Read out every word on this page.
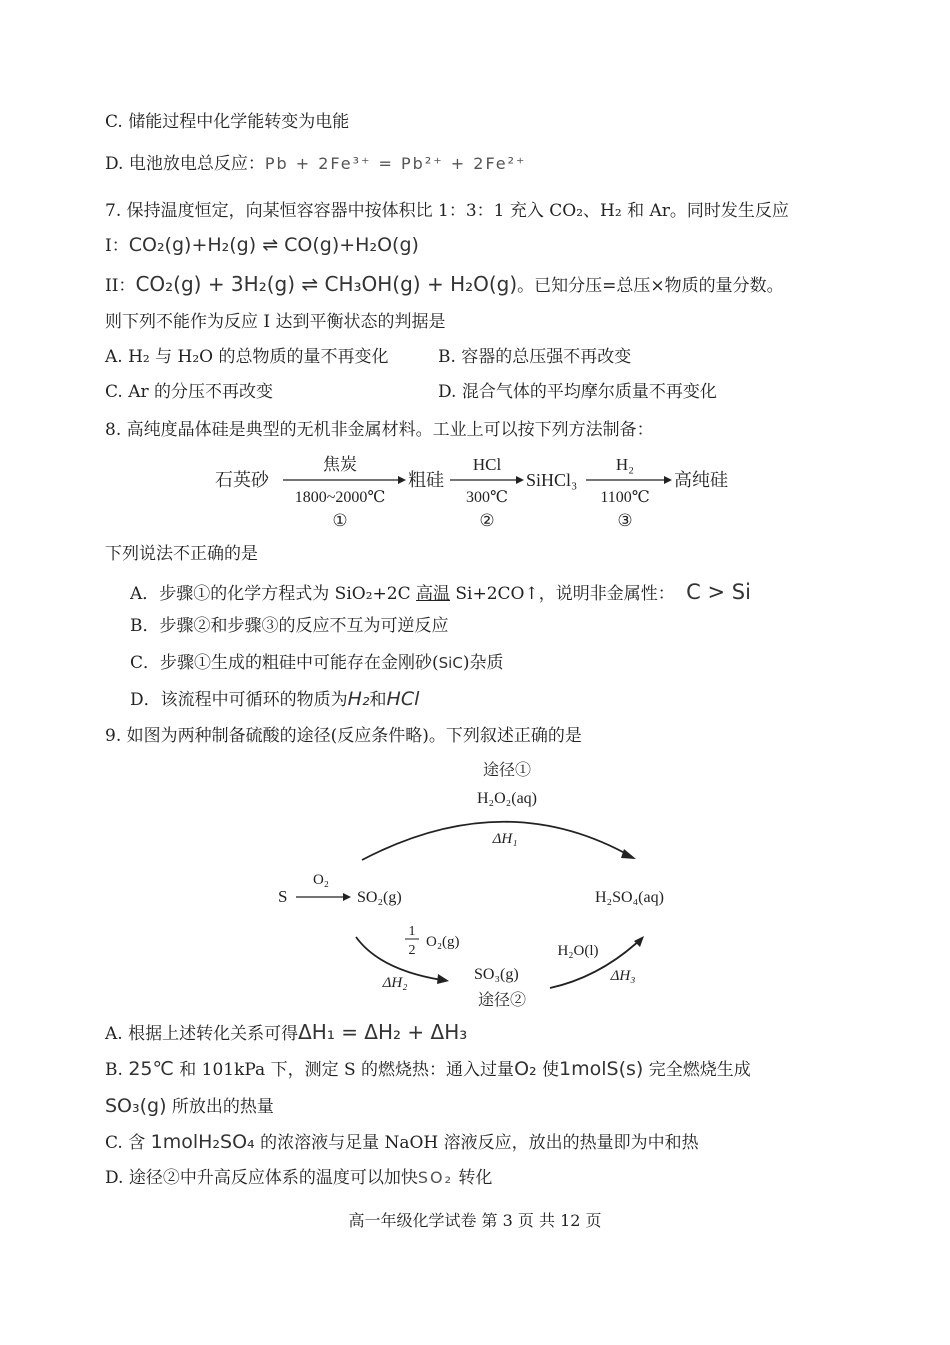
C. 储能过程中化学能转变为电能
D. 电池放电总反应：Pb + 2Fe³⁺ = Pb²⁺ + 2Fe²⁺
7. 保持温度恒定，向某恒容容器中按体积比 1：3：1 充入 CO₂、H₂ 和 Ar。同时发生反应
I：CO₂(g)+H₂(g) ⇌ CO(g)+H₂O(g)
II：CO₂(g) + 3H₂(g) ⇌ CH₃OH(g) + H₂O(g)。已知分压=总压×物质的量分数。
则下列不能作为反应 I 达到平衡状态的判据是
A. H₂ 与 H₂O 的总物质的量不再变化	B. 容器的总压强不再改变
C. Ar 的分压不再改变	D. 混合气体的平均摩尔质量不再变化
8. 高纯度晶体硅是典型的无机非金属材料。工业上可以按下列方法制备：
石英砂
焦炭
1800~2000℃
①
粗硅
HCl
300℃
②
SiHCl₃
H₂
1100℃
③
高纯硅
下列说法不正确的是
A．步骤①的化学方程式为 SiO₂+2C 高温 Si+2CO↑，说明非金属性： C > Si
B．步骤②和步骤③的反应不互为可逆反应
C．步骤①生成的粗硅中可能存在金刚砂(SiC)杂质
D．该流程中可循环的物质为H₂和HCl
9. 如图为两种制备硫酸的途径(反应条件略)。下列叙述正确的是
途径①
H₂O₂(aq)
ΔH₁
S
O₂
SO₂(g)	H₂SO₄(aq)
1
2
O₂(g)
ΔH₂	SO₃(g)
途径②
H₂O(l)
ΔH₃
A. 根据上述转化关系可得ΔH₁ = ΔH₂ + ΔH₃
B. 25℃ 和 101kPa 下，测定 S 的燃烧热：通入过量O₂ 使1molS(s) 完全燃烧生成
SO₃(g) 所放出的热量
C. 含 1molH₂SO₄ 的浓溶液与足量 NaOH 溶液反应，放出的热量即为中和热
D. 途径②中升高反应体系的温度可以加快SO₂ 转化
高一年级化学试卷 第 3 页 共 12 页
